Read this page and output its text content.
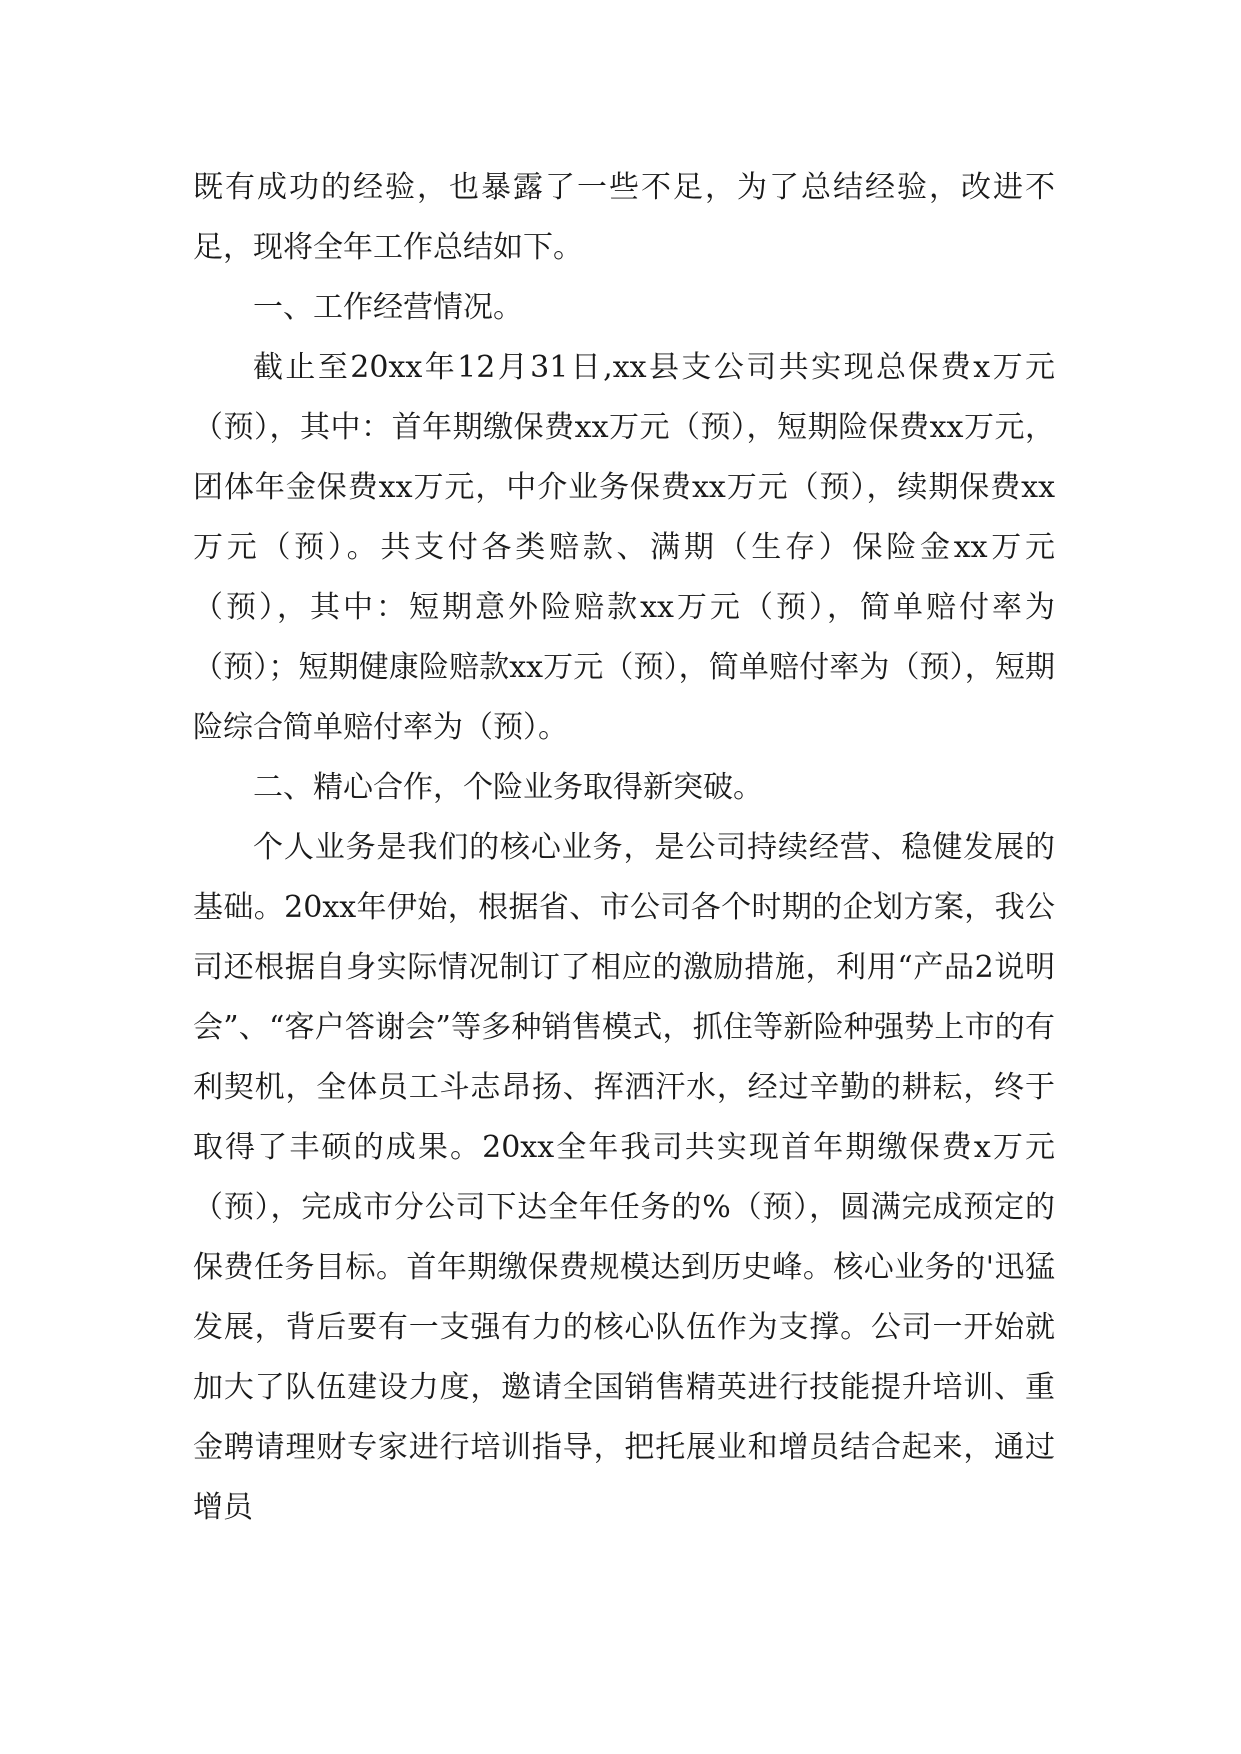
既有成功的经验，也暴露了一些不足，为了总结经验，改进不足，现将全年工作总结如下。

一、工作经营情况。

截止至20xx年12月31日,xx县支公司共实现总保费x万元（预），其中：首年期缴保费xx万元（预），短期险保费xx万元，团体年金保费xx万元，中介业务保费xx万元（预），续期保费xx万元（预）。共支付各类赔款、满期（生存）保险金xx万元（预），其中：短期意外险赔款xx万元（预），简单赔付率为（预）；短期健康险赔款xx万元（预），简单赔付率为（预），短期险综合简单赔付率为（预）。

二、精心合作，个险业务取得新突破。

个人业务是我们的核心业务，是公司持续经营、稳健发展的基础。20xx年伊始，根据省、市公司各个时期的企划方案，我公司还根据自身实际情况制订了相应的激励措施，利用“产品2说明会”、“客户答谢会”等多种销售模式，抓住等新险种强势上市的有利契机，全体员工斗志昂扬、挥洒汗水，经过辛勤的耕耘，终于取得了丰硕的成果。20xx全年我司共实现首年期缴保费x万元（预），完成市分公司下达全年任务的%（预），圆满完成预定的保费任务目标。首年期缴保费规模达到历史峰。核心业务的'迅猛发展，背后要有一支强有力的核心队伍作为支撑。公司一开始就加大了队伍建设力度，邀请全国销售精英进行技能提升培训、重金聘请理财专家进行培训指导，把托展业和增员结合起来，通过增员
